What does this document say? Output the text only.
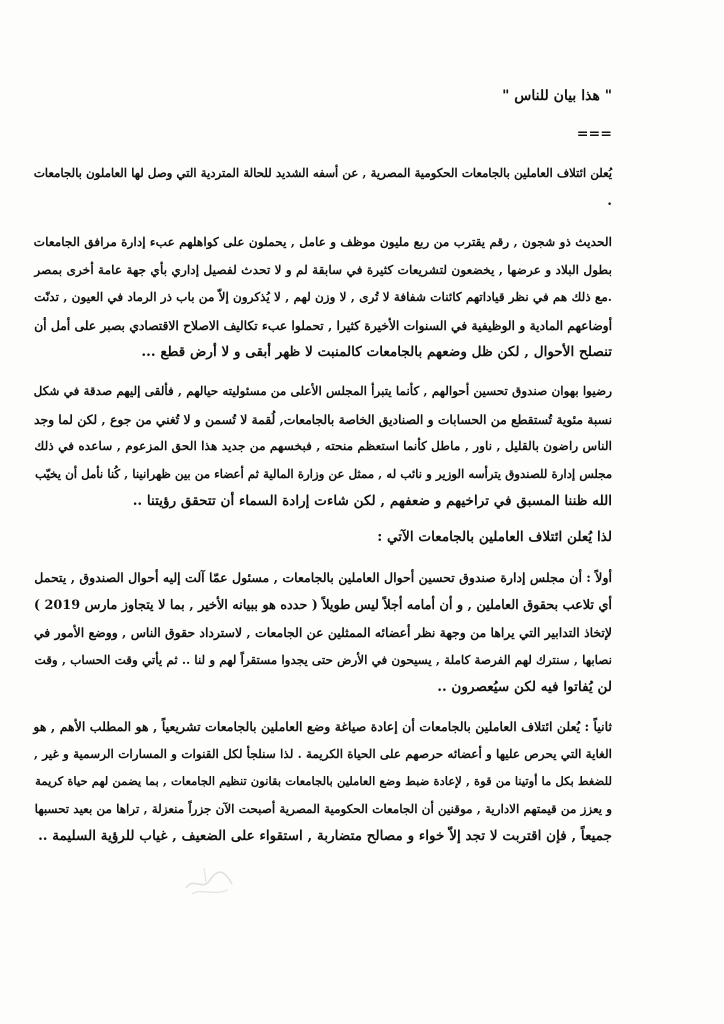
" هذا بيان للناس "
===
يُعلن ائتلاف العاملين بالجامعات الحكومية المصرية , عن أسفه الشديد للحالة المتردية التي وصل لها العاملون بالجامعات
.
الحديث ذو شجون , رقم يقترب من ربع مليون موظف و عامل , يحملون على كواهلهم عبء إدارة مرافق الجامعات
بطول البلاد و عرضها , يخضعون لتشريعات كثيرة في سابقة لم و لا تحدث لفصيل إداري بأي جهة عامة أخرى بمصر
.مع ذلك هم في نظر قياداتهم كائنات شفافة لا تُرى , لا وزن لهم , لا يُذكرون إلاّ من باب ذر الرماد في العيون , تدنّت
أوضاعهم المادية و الوظيفية في السنوات الأخيرة كثيرا , تحملوا عبء تكاليف الاصلاح الاقتصادي بصبر على أمل أن
تنصلح الأحوال , لكن ظل وضعهم بالجامعات كالمنبت لا ظهر أبقى و لا أرض قطع ...
رضيوا بهوان صندوق تحسين أحوالهم , كأنما يتبرأ المجلس الأعلى من مسئوليته حيالهم , فألقى إليهم صدقة في شكل
نسبة مئوية تُستقطع من الحسابات و الصناديق الخاصة بالجامعات, لُقمة لا تُسمن و لا تُغني من جوع , لكن لما وجد
الناس راضون بالقليل , ناور , ماطل كأنما استعظم منحته , فبخسهم من جديد هذا الحق المزعوم , ساعده في ذلك
مجلس إدارة للصندوق يترأسه الوزير و نائب له , ممثل عن وزارة المالية ثم أعضاء من بين ظهرانينا , كُنا نأمل أن يخيّب
الله ظننا المسبق في تراخيهم و ضعفهم , لكن شاءت إرادة السماء أن تتحقق رؤيتنا ..
لذا يُعلن ائتلاف العاملين بالجامعات الآتي :
أولاً : أن مجلس إدارة صندوق تحسين أحوال العاملين بالجامعات , مسئول عمّا آلت إليه أحوال الصندوق , يتحمل
أي تلاعب بحقوق العاملين , و أن أمامه أجلاً ليس طويلاً ( حدده هو ببيانه الأخير , بما لا يتجاوز مارس 2019 )
لإتخاذ التدابير التي يراها من وجهة نظر أعضائه الممثلين عن الجامعات , لاسترداد حقوق الناس , ووضع الأمور في
نصابها , سنترك لهم الفرصة كاملة , يسيحون في الأرض حتى يجدوا مستقراً لهم و لنا .. ثم يأتي وقت الحساب , وقت
لن يُفاتوا فيه لكن سيُعصرون ..
ثانياً : يُعلن ائتلاف العاملين بالجامعات أن إعادة صياغة وضع العاملين بالجامعات تشريعياً , هو المطلب الأهم , هو
الغاية التي يحرص عليها و أعضائه حرصهم على الحياة الكريمة . لذا سنلجأ لكل القنوات و المسارات الرسمية و غير ,
للضغط بكل ما أوتينا من قوة , لإعادة ضبط وضع العاملين بالجامعات بقانون تنظيم الجامعات , بما يضمن لهم حياة كريمة
و يعزز من قيمتهم الادارية , موقنين أن الجامعات الحكومية المصرية أصبحت الآن جزراً منعزلة , تراها من بعيد تحسبها
جميعاً , فإن اقتربت لا تجد إلاّ خواء و مصالح متضاربة , استقواء على الضعيف , غياب للرؤية السليمة ..
